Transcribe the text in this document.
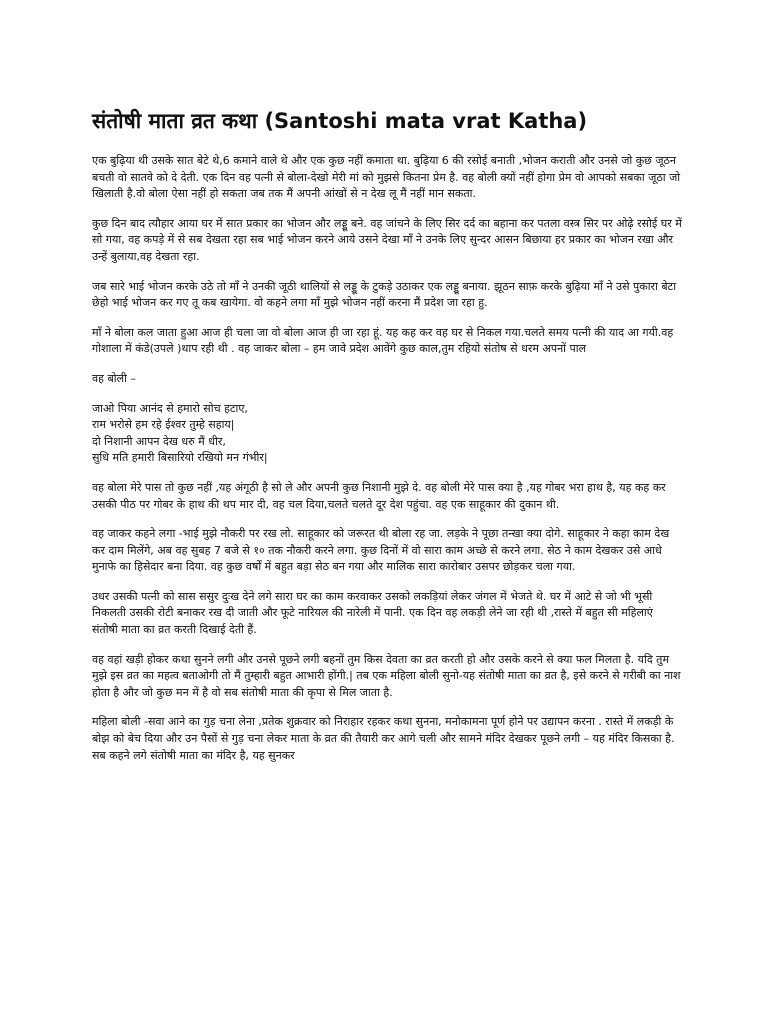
संतोषी माता व्रत कथा (Santoshi mata vrat Katha)

एक बुढ़िया थी उसके सात बेटे थे,6 कमाने वाले थे और एक कुछ नहीं कमाता था. बुढ़िया 6 की रसोई बनाती ,भोजन कराती और उनसे जो कुछ जूठन बचती वो सातवे को दे देती. एक दिन वह पत्नी से बोला-देखो मेरी मां को मुझसे कितना प्रेम है. वह बोली क्यों नहीं होगा प्रेम वो आपको सबका जूठा जो खिलाती है.वो बोला ऐसा नहीं हो सकता जब तक मैं अपनी आंखों से न देख लू मैं नहीं मान सकता.

कुछ दिन बाद त्यौहार आया घर में सात प्रकार का भोजन और लड्डू बने. वह जांचने के लिए सिर दर्द का बहाना कर पतला वस्त्र सिर पर ओढ़े रसोई घर में सो गया, वह कपड़े में से सब देखता रहा सब भाई भोजन करने आये उसने देखा माँ ने उनके लिए सुन्दर आसन बिछाया हर प्रकार का भोजन रखा और उन्हें बुलाया,वह देखता रहा.

जब सारे भाई भोजन करके उठे तो माँ ने उनकी जूठी थालियों से लड्डू के टुकड़े उठाकर एक लड्डू बनाया. झूठन साफ़ करके बुढ़िया माँ ने उसे पुकारा बेटा छेहो भाई भोजन कर गए तू कब खायेगा. वो कहने लगा माँ मुझे भोजन नहीं करना मैं प्रदेश जा रहा हु.

माँ ने बोला कल जाता हुआ आज ही चला जा वो बोला आज ही जा रहा हूं. यह कह कर वह घर से निकल गया.चलते समय पत्नी की याद आ गयी.वह गोशाला में कंडे(उपले )थाप रही थी . वह जाकर बोला – हम जावे प्रदेश आवेंगे कुछ काल,तुम रहियो संतोष से धरम अपनों पाल

वह बोली –

जाओ पिया आनंद से हमारो सोच हटाए,
राम भरोसे हम रहे ईश्वर तुम्हे सहाय|
दो निशानी आपन देख धरु मैं धीर,
सुधि मति हमारी बिसारियो रखियो मन गंभीर|

वह बोला मेरे पास तो कुछ नहीं ,यह अंगूठी है सो ले और अपनी कुछ निशानी मुझे दे. वह बोली मेरे पास क्या है ,यह गोबर भरा हाथ है, यह कह कर उसकी पीठ पर गोबर के हाथ की थप मार दी, वह चल दिया,चलते चलते दूर देश पहुंचा. वह एक साहूकार की दुकान थी.

वह जाकर कहने लगा -भाई मुझे नौकरी पर रख लो. साहूकार को जरूरत थी बोला रह जा. लड़के ने पूछा तन्खा क्या दोगे. साहूकार ने कहा काम देख कर दाम मिलेंगे, अब वह सुबह 7 बजे से १० तक नौकरी करने लगा. कुछ दिनों में वो सारा काम अच्छे से करने लगा. सेठ ने काम देखकर उसे आधे मुनाफे का हिसेदार बना दिया. वह कुछ वर्षों में बहुत बड़ा सेठ बन गया और मालिक सारा कारोबार उसपर छोड़कर चला गया.

उधर उसकी पत्नी को सास ससुर दुःख देने लगे सारा घर का काम करवाकर उसको लकड़ियां लेकर जंगल में भेजते थे. घर में आटे से जो भी भूसी निकलती उसकी रोटी बनाकर रख दी जाती और फूटे नारियल की नारेली में पानी. एक दिन वह लकड़ी लेने जा रही थी ,रास्ते में बहुत सी महिलाएं संतोषी माता का व्रत करती दिखाई देती हैं.

वह वहां खड़ी होकर कथा सुनने लगी और उनसे पूछने लगी बहनों तुम किस देवता का व्रत करती हो और उसके करने से क्या फल मिलता है. यदि तुम मुझे इस व्रत का महत्व बताओगी तो मैं तुम्हारी बहुत आभारी होंगी.| तब एक महिला बोली सुनो-यह संतोषी माता का व्रत है, इसे करने से गरीबी का नाश होता है और जो कुछ मन में है वो सब संतोषी माता की कृपा से मिल जाता है.

महिला बोली -सवा आने का गुड़ चना लेना ,प्रतेक शुक्रवार को निराहार रहकर कथा सुनना, मनोकामना पूर्ण होने पर उद्यापन करना . रास्ते में लकड़ी के बोझ को बेच दिया और उन पैसों से गुड़ चना लेकर माता के व्रत की तैयारी कर आगे चली और सामने मंदिर देखकर पूछने लगी – यह मंदिर किसका है. सब कहने लगे संतोषी माता का मंदिर है, यह सुनकर
